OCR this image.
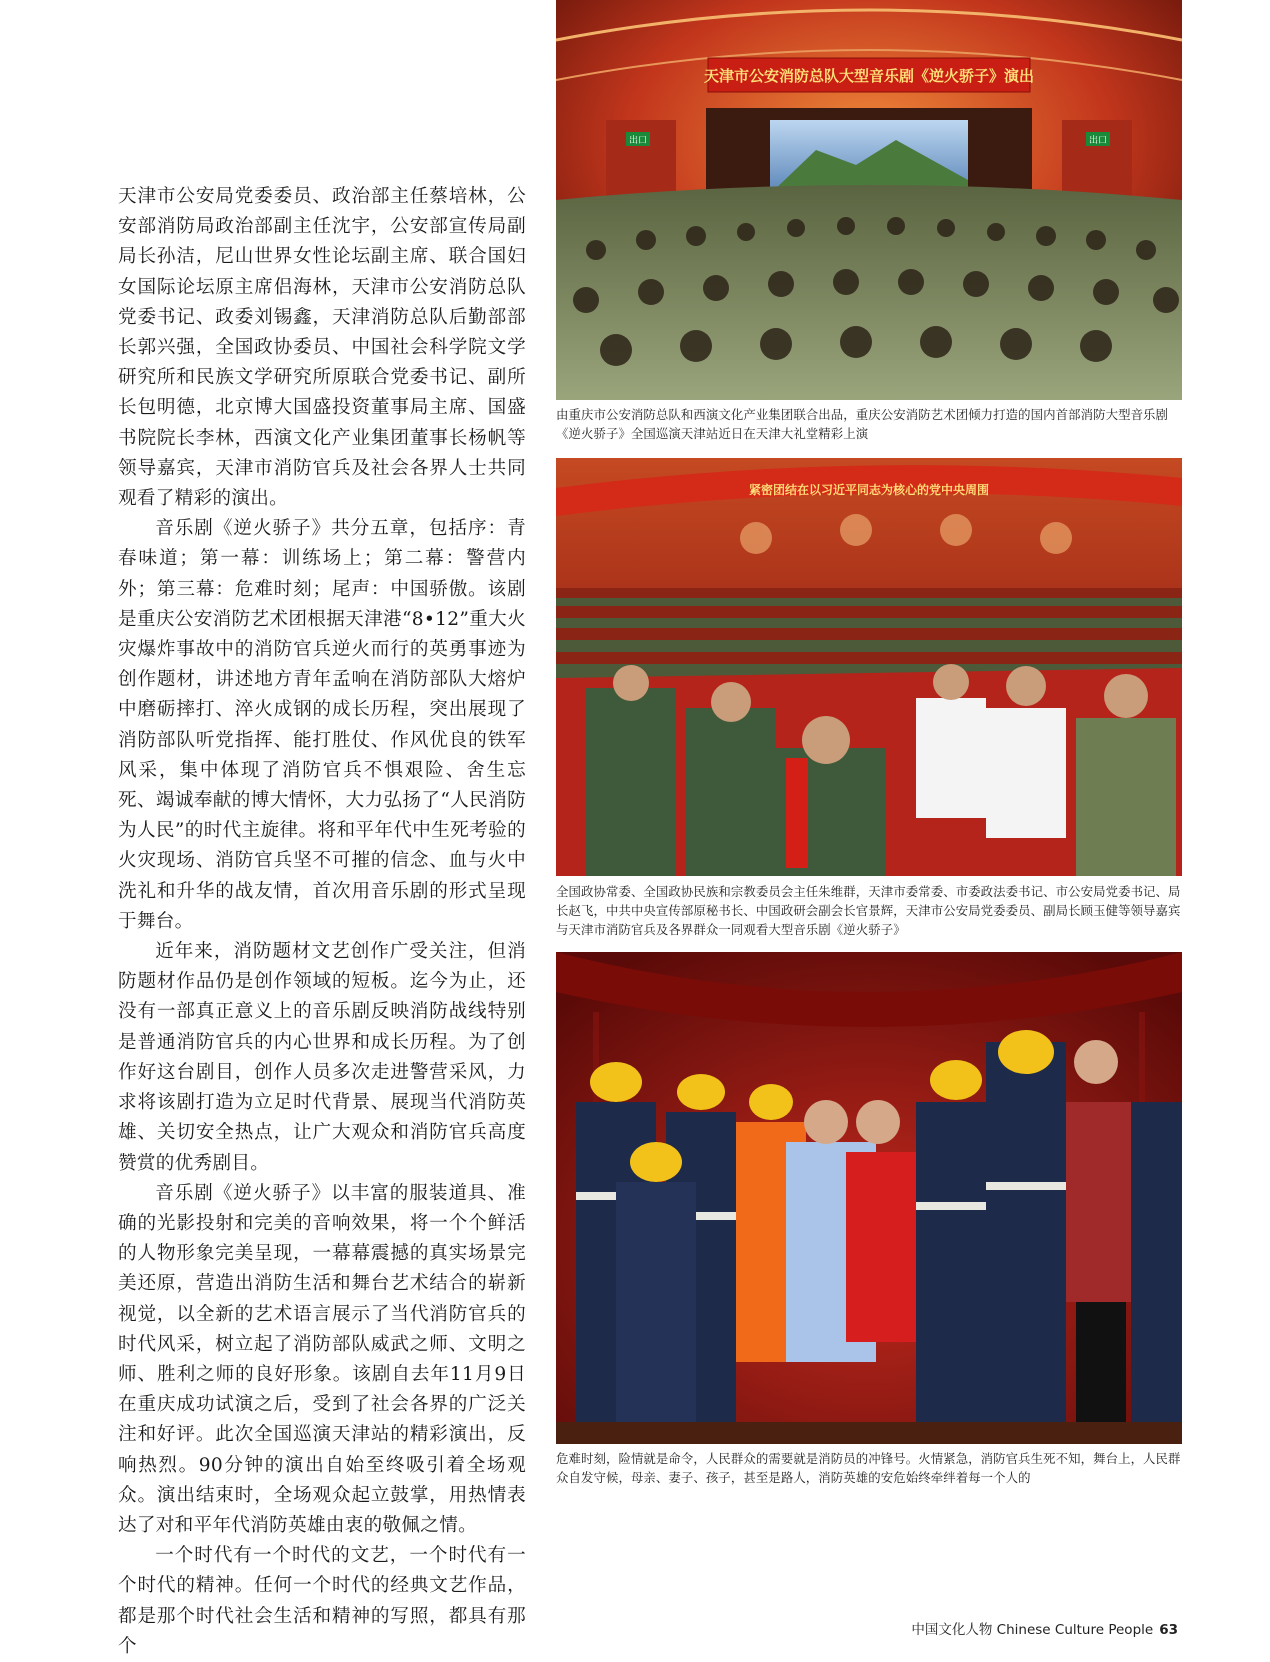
天津市公安局党委委员、政治部主任蔡培林，公安部消防局政治部副主任沈宇，公安部宣传局副局长孙洁，尼山世界女性论坛副主席、联合国妇女国际论坛原主席侣海林，天津市公安消防总队党委书记、政委刘锡鑫，天津消防总队后勤部部长郭兴强，全国政协委员、中国社会科学院文学研究所和民族文学研究所原联合党委书记、副所长包明德，北京博大国盛投资董事局主席、国盛书院院长李林，西演文化产业集团董事长杨帆等领导嘉宾，天津市消防官兵及社会各界人士共同观看了精彩的演出。

音乐剧《逆火骄子》共分五章，包括序：青春味道；第一幕：训练场上；第二幕：警营内外；第三幕：危难时刻；尾声：中国骄傲。该剧是重庆公安消防艺术团根据天津港“8•12”重大火灾爆炸事故中的消防官兵逆火而行的英勇事迹为创作题材，讲述地方青年孟响在消防部队大熔炉中磨砺摔打、淬火成钢的成长历程，突出展现了消防部队听党指挥、能打胜仗、作风优良的铁军风采，集中体现了消防官兵不惧艰险、舍生忘死、竭诚奉献的博大情怀，大力弘扬了“人民消防为人民”的时代主旋律。将和平年代中生死考验的火灾现场、消防官兵坚不可摧的信念、血与火中洗礼和升华的战友情，首次用音乐剧的形式呈现于舞台。

近年来，消防题材文艺创作广受关注，但消防题材作品仍是创作领域的短板。迄今为止，还没有一部真正意义上的音乐剧反映消防战线特别是普通消防官兵的内心世界和成长历程。为了创作好这台剧目，创作人员多次走进警营采风，力求将该剧打造为立足时代背景、展现当代消防英雄、关切安全热点，让广大观众和消防官兵高度赞赏的优秀剧目。

音乐剧《逆火骄子》以丰富的服装道具、准确的光影投射和完美的音响效果，将一个个鲜活的人物形象完美呈现，一幕幕震撼的真实场景完美还原，营造出消防生活和舞台艺术结合的崭新视觉，以全新的艺术语言展示了当代消防官兵的时代风采，树立起了消防部队威武之师、文明之师、胜利之师的良好形象。该剧自去年11月9日在重庆成功试演之后，受到了社会各界的广泛关注和好评。此次全国巡演天津站的精彩演出，反响热烈。90分钟的演出自始至终吸引着全场观众。演出结束时，全场观众起立鼓掌，用热情表达了对和平年代消防英雄由衷的敬佩之情。

一个时代有一个时代的文艺，一个时代有一个时代的精神。任何一个时代的经典文艺作品，都是那个时代社会生活和精神的写照，都具有那个

天津市公安消防总队大型音乐剧《逆火骄子》演出
出口	出口
由重庆市公安消防总队和西演文化产业集团联合出品，重庆公安消防艺术团倾力打造的国内首部消防大型音乐剧《逆火骄子》全国巡演天津站近日在天津大礼堂精彩上演
紧密团结在以习近平同志为核心的党中央周围
全国政协常委、全国政协民族和宗教委员会主任朱维群，天津市委常委、市委政法委书记、市公安局党委书记、局长赵飞，中共中央宣传部原秘书长、中国政研会副会长官景辉，天津市公安局党委委员、副局长顾玉健等领导嘉宾与天津市消防官兵及各界群众一同观看大型音乐剧《逆火骄子》
危难时刻，险情就是命令，人民群众的需要就是消防员的冲锋号。火情紧急，消防官兵生死不知，舞台上，人民群众自发守候，母亲、妻子、孩子，甚至是路人，消防英雄的安危始终牵绊着每一个人的
中国文化人物 Chinese Culture People 63
